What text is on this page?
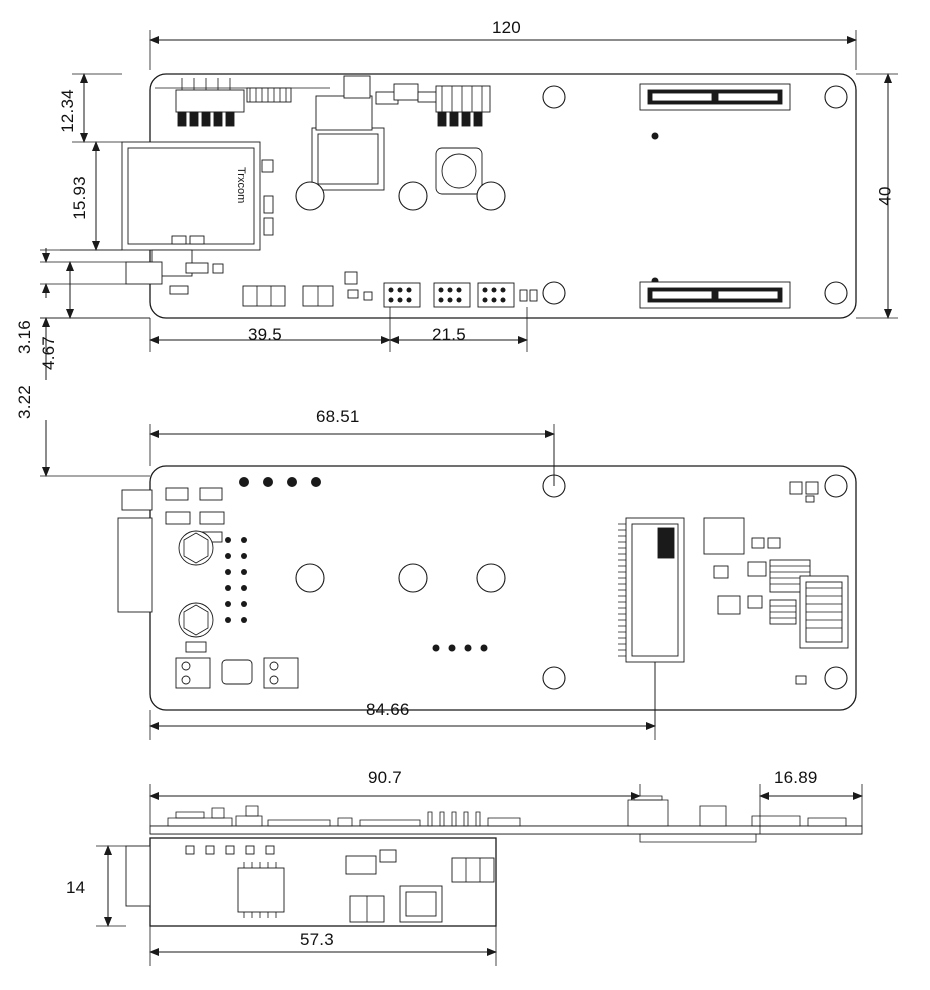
Trxcom
120
40
12.34
15.93
3.16 4.67
3.22
39.5	21.5
68.51
84.66
90.7	16.89
14
57.3
